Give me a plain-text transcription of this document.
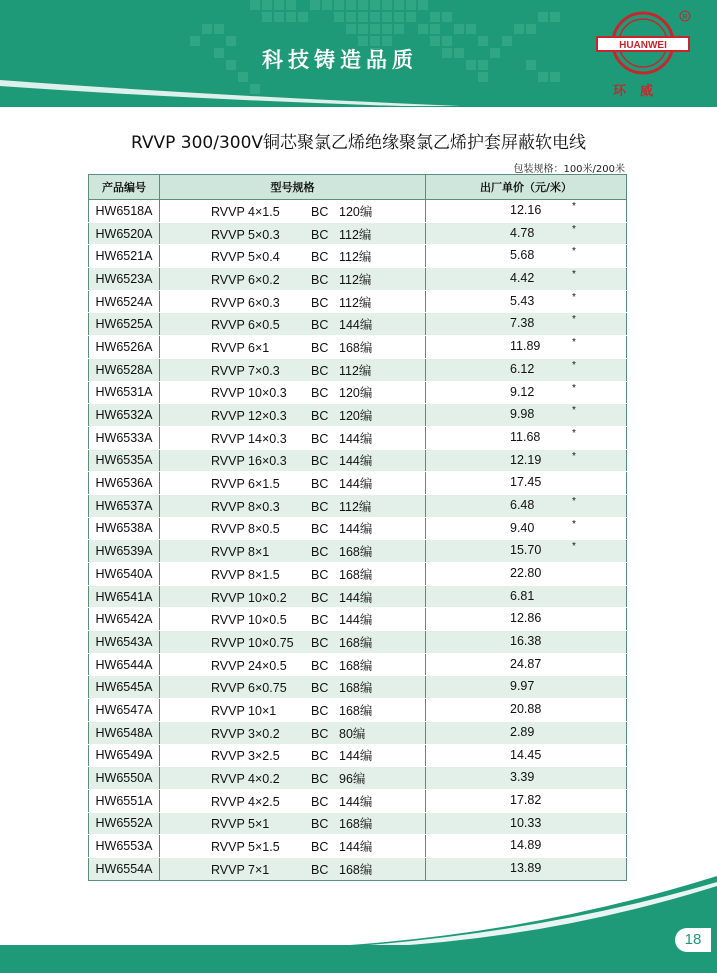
科技铸造品质
HUANWEI
R
环威
RVVP 300/300V铜芯聚氯乙烯绝缘聚氯乙烯护套屏蔽软电线
包装规格：100米/200米
产品编号	型号规格	出厂单价（元/米）
HW6518A	RVVP 4×1.5 BC 120编	12.16 *

HW6520A	RVVP 5×0.3 BC 112编	4.78 *

HW6521A	RVVP 5×0.4 BC 112编	5.68 *

HW6523A	RVVP 6×0.2 BC 112编	4.42 *

HW6524A	RVVP 6×0.3 BC 112编	5.43 *

HW6525A	RVVP 6×0.5 BC 144编	7.38 *

HW6526A	RVVP 6×1 BC 168编	11.89 *

HW6528A	RVVP 7×0.3 BC 112编	6.12 *

HW6531A	RVVP 10×0.3 BC 120编	9.12 *

HW6532A	RVVP 12×0.3 BC 120编	9.98 *

HW6533A	RVVP 14×0.3 BC 144编	11.68 *

HW6535A	RVVP 16×0.3 BC 144编	12.19 *

HW6536A	RVVP 6×1.5 BC 144编	17.45

HW6537A	RVVP 8×0.3 BC 112编	6.48 *

HW6538A	RVVP 8×0.5 BC 144编	9.40 *

HW6539A	RVVP 8×1 BC 168编	15.70 *

HW6540A	RVVP 8×1.5 BC 168编	22.80

HW6541A	RVVP 10×0.2 BC 144编	6.81

HW6542A	RVVP 10×0.5 BC 144编	12.86

HW6543A	RVVP 10×0.75 BC 168编	16.38

HW6544A	RVVP 24×0.5 BC 168编	24.87

HW6545A	RVVP 6×0.75 BC 168编	9.97

HW6547A	RVVP 10×1 BC 168编	20.88

HW6548A	RVVP 3×0.2 BC 80编	2.89

HW6549A	RVVP 3×2.5 BC 144编	14.45

HW6550A	RVVP 4×0.2 BC 96编	3.39

HW6551A	RVVP 4×2.5 BC 144编	17.82

HW6552A	RVVP 5×1 BC 168编	10.33

HW6553A	RVVP 5×1.5 BC 144编	14.89

HW6554A	RVVP 7×1 BC 168编	13.89
18
